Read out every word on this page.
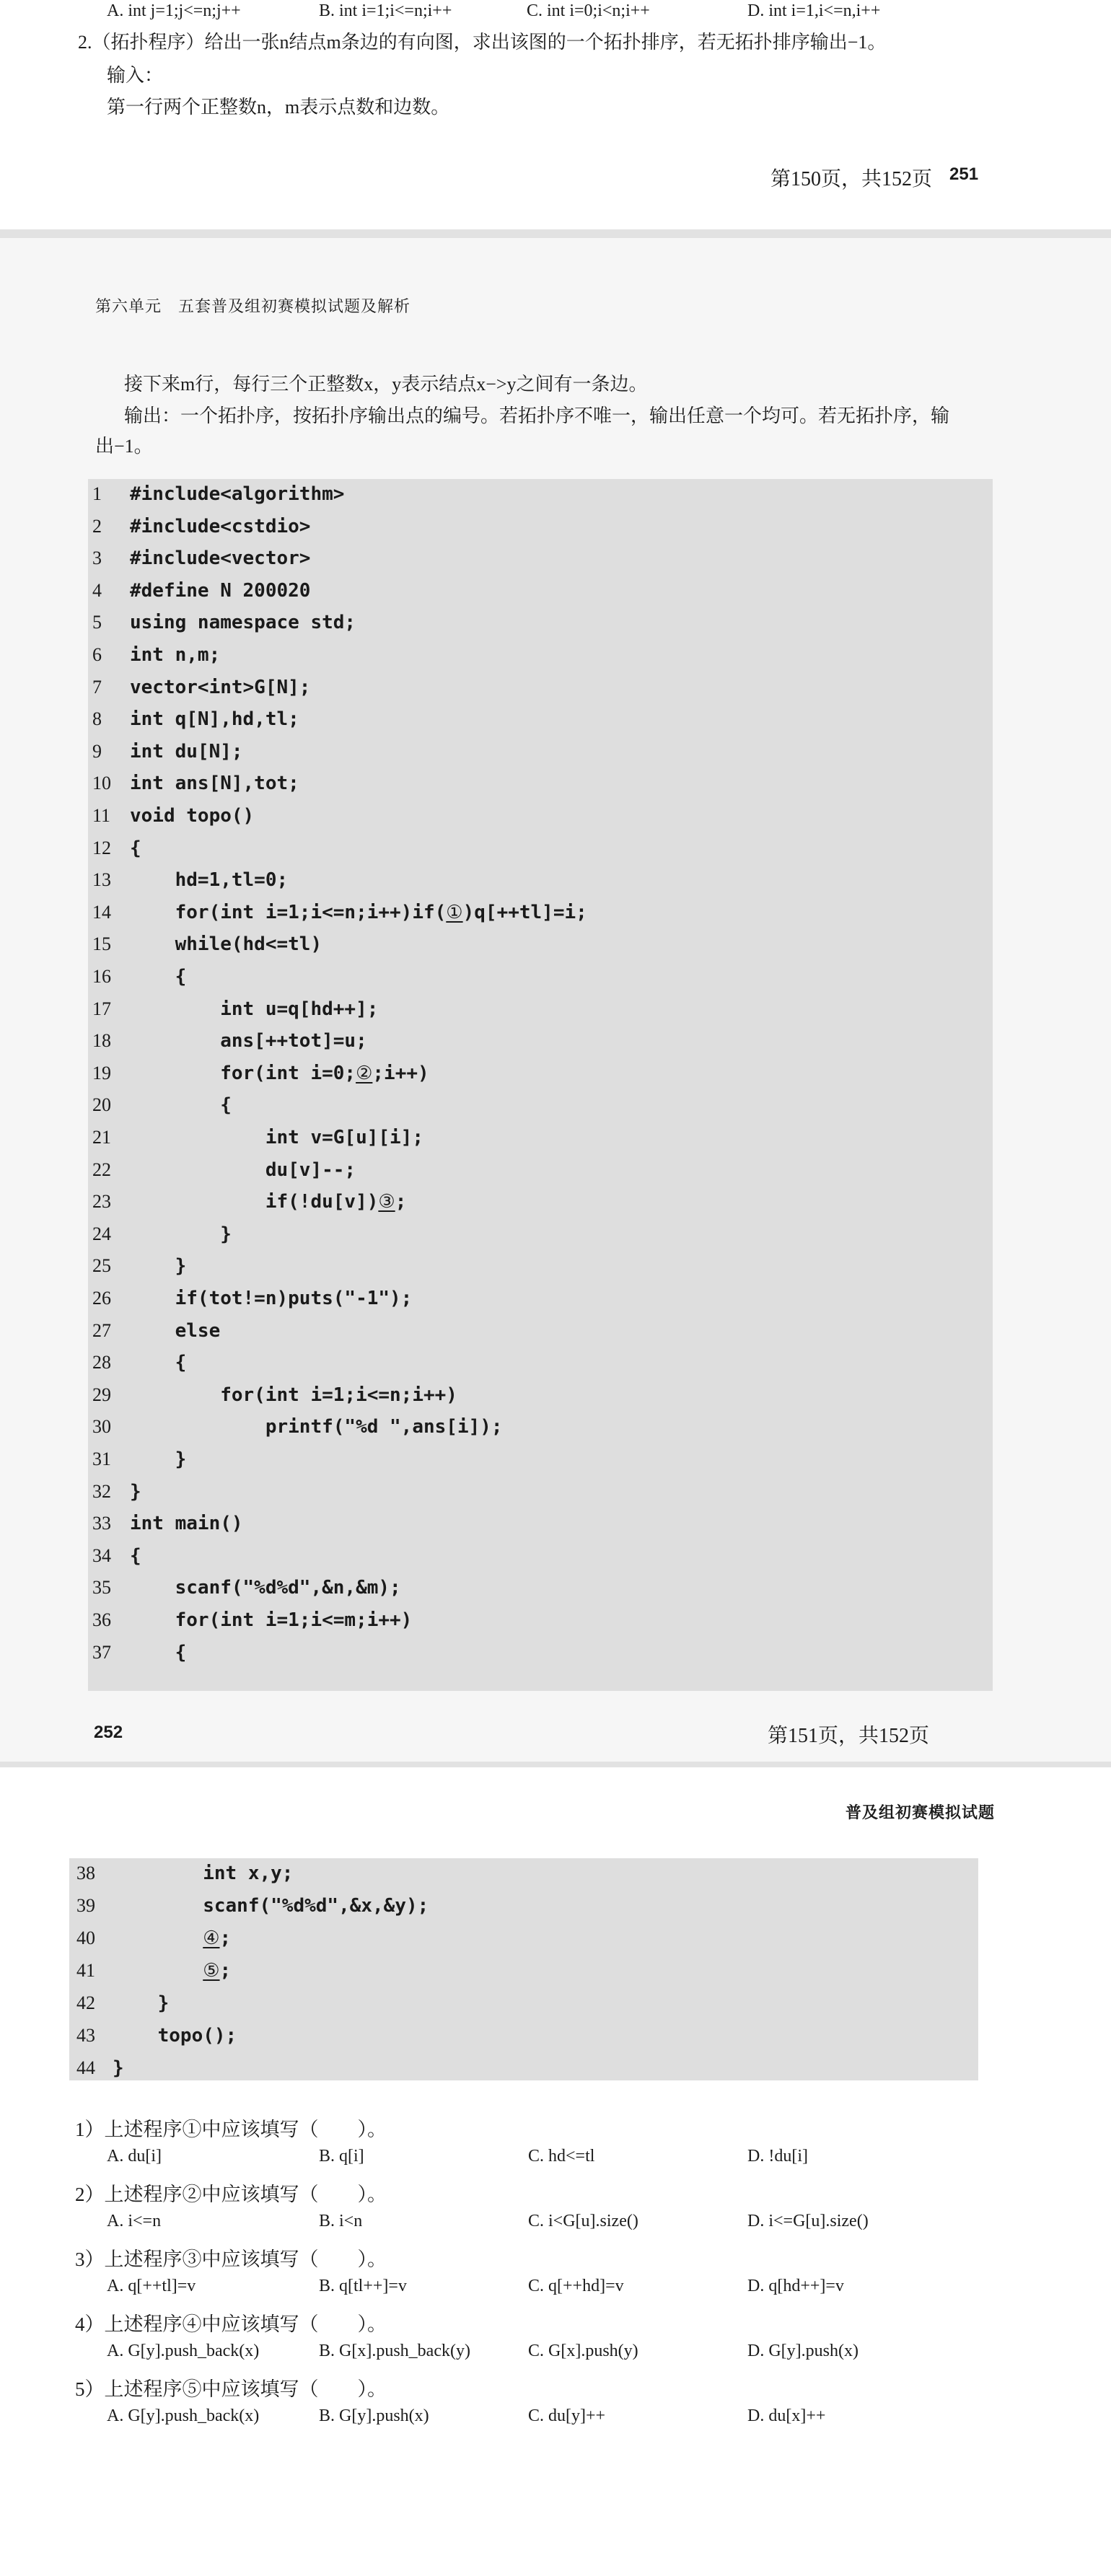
A. int j=1;j<=n;j++	B. int i=1;i<=n;i++	C. int i=0;i<n;i++	D. int i=1,i<=n,i++
2.（拓扑程序）给出一张n结点m条边的有向图，求出该图的一个拓扑排序，若无拓扑排序输出−1。
输入：
第一行两个正整数n，m表示点数和边数。
第150页，共152页 251
第六单元　五套普及组初赛模拟试题及解析
接下来m行，每行三个正整数x，y表示结点x−>y之间有一条边。
输出：一个拓扑序，按拓扑序输出点的编号。若拓扑序不唯一，输出任意一个均可。若无拓扑序，输
出−1。
1	#include<algorithm>
2	#include<cstdio>
3	#include<vector>
4	#define N 200020
5	using namespace std;
6	int n,m;
7	vector<int>G[N];
8	int q[N],hd,tl;
9	int du[N];
10	int ans[N],tot;
11	void topo()
12	{
13	hd=1,tl=0;
14	for(int i=1;i<=n;i++)if(①)q[++tl]=i;
15	while(hd<=tl)
16	{
17	int u=q[hd++];
18	ans[++tot]=u;
19	for(int i=0;②;i++)
20	{
21	int v=G[u][i];
22	du[v]--;
23	if(!du[v])③;
24	}
25	}
26	if(tot!=n)puts("-1");
27	else
28	{
29	for(int i=1;i<=n;i++)
30	printf("%d ",ans[i]);
31	}
32	}
33	int main()
34	{
35	scanf("%d%d",&n,&m);
36	for(int i=1;i<=m;i++)
37	{
252	第151页，共152页
普及组初赛模拟试题
38 int x,y;
39 scanf("%d%d",&x,&y);
40	④;
41	⑤;
42 }
43 topo();
44 }
1）上述程序①中应该填写（　　）。
A. du[i]	B. q[i]	C. hd<=tl	D. !du[i]
2）上述程序②中应该填写（　　）。
A. i<=n	B. i<n	C. i<G[u].size()	D. i<=G[u].size()
3）上述程序③中应该填写（　　）。
A. q[++tl]=v	B. q[tl++]=v	C. q[++hd]=v	D. q[hd++]=v
4）上述程序④中应该填写（　　）。
A. G[y].push_back(x)	B. G[x].push_back(y)	C. G[x].push(y)	D. G[y].push(x)
5）上述程序⑤中应该填写（　　）。
A. G[y].push_back(x)	B. G[y].push(x)	C. du[y]++	D. du[x]++
